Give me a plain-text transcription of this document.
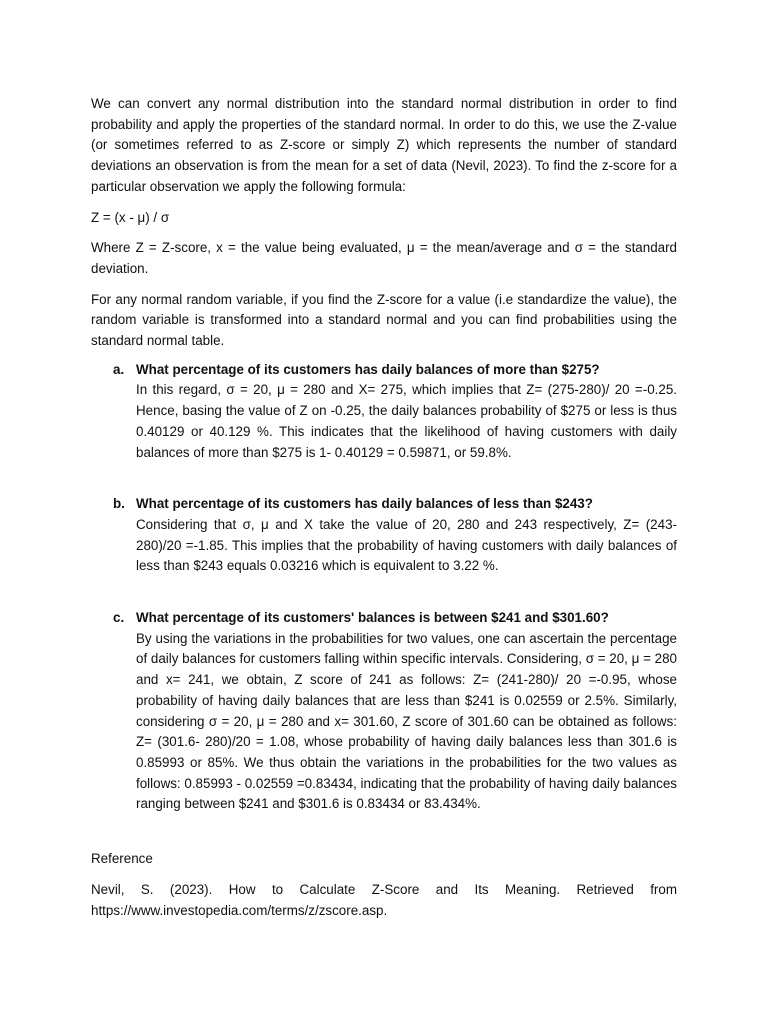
We can convert any normal distribution into the standard normal distribution in order to find probability and apply the properties of the standard normal. In order to do this, we use the Z-value (or sometimes referred to as Z-score or simply Z) which represents the number of standard deviations an observation is from the mean for a set of data (Nevil, 2023). To find the z-score for a particular observation we apply the following formula:

Z = (x - μ) / σ

Where Z = Z-score, x = the value being evaluated, μ = the mean/average and σ = the standard deviation.

For any normal random variable, if you find the Z-score for a value (i.e standardize the value), the random variable is transformed into a standard normal and you can find probabilities using the standard normal table.

a. What percentage of its customers has daily balances of more than $275?

In this regard, σ = 20, μ = 280 and X= 275, which implies that Z= (275-280)/ 20 =-0.25. Hence, basing the value of Z on -0.25, the daily balances probability of $275 or less is thus 0.40129 or 40.129 %. This indicates that the likelihood of having customers with daily balances of more than $275 is 1- 0.40129 = 0.59871, or 59.8%.

b. What percentage of its customers has daily balances of less than $243?

Considering that σ, μ and X take the value of 20, 280 and 243 respectively, Z= (243-280)/20 =-1.85. This implies that the probability of having customers with daily balances of less than $243 equals 0.03216 which is equivalent to 3.22 %.

c. What percentage of its customers' balances is between $241 and $301.60?

By using the variations in the probabilities for two values, one can ascertain the percentage of daily balances for customers falling within specific intervals. Considering, σ = 20, μ = 280 and x= 241, we obtain, Z score of 241 as follows: Z= (241-280)/ 20 =-0.95, whose probability of having daily balances that are less than $241 is 0.02559 or 2.5%. Similarly, considering σ = 20, μ = 280 and x= 301.60, Z score of 301.60 can be obtained as follows: Z= (301.6- 280)/20 = 1.08, whose probability of having daily balances less than 301.6 is 0.85993 or 85%. We thus obtain the variations in the probabilities for the two values as follows: 0.85993 - 0.02559 =0.83434, indicating that the probability of having daily balances ranging between $241 and $301.6 is 0.83434 or 83.434%.

Reference

Nevil, S. (2023). How to Calculate Z-Score and Its Meaning. Retrieved from https://www.investopedia.com/terms/z/zscore.asp.
